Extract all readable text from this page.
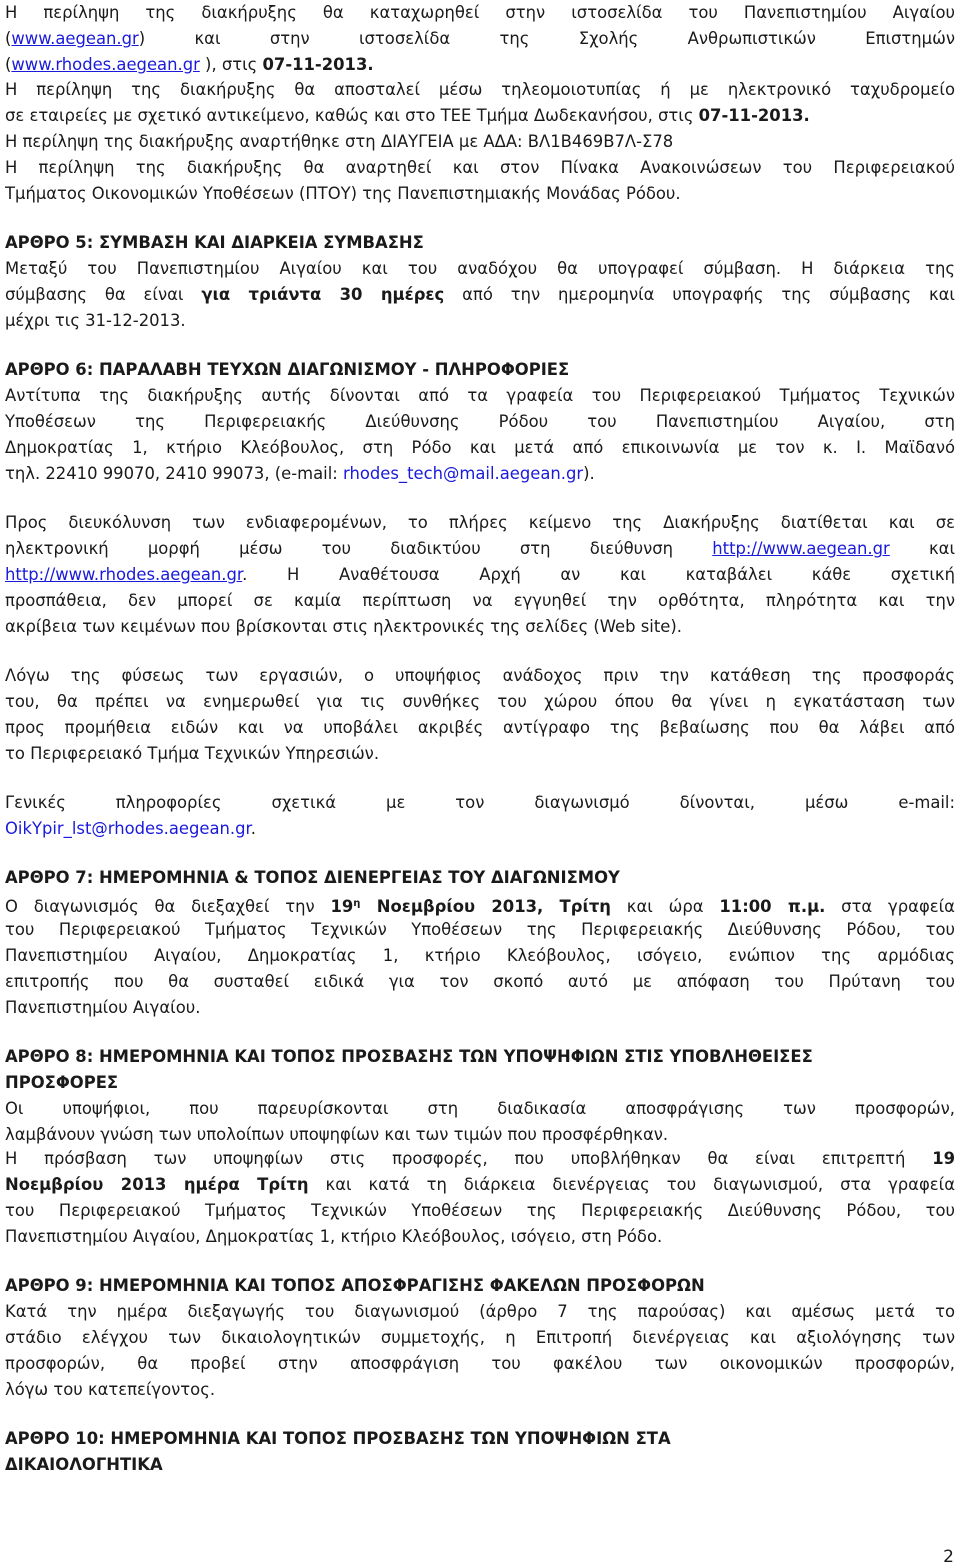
Η περίληψη της διακήρυξης θα καταχωρηθεί στην ιστοσελίδα του Πανεπιστημίου Αιγαίου
(www.aegean.gr) και στην ιστοσελίδα της Σχολής Ανθρωπιστικών Επιστημών
(www.rhodes.aegean.gr ), στις 07-11-2013.
Η περίληψη της διακήρυξης θα αποσταλεί μέσω τηλεομοιοτυπίας ή με ηλεκτρονικό ταχυδρομείο
σε εταιρείες με σχετικό αντικείμενο, καθώς και στο ΤΕΕ Τμήμα Δωδεκανήσου, στις 07-11-2013.
Η περίληψη της διακήρυξης αναρτήθηκε στη ΔΙΑΥΓΕΙΑ με ΑΔΑ: ΒΛ1Β469Β7Λ-Σ78
Η περίληψη της διακήρυξης θα αναρτηθεί και στον Πίνακα Ανακοινώσεων του Περιφερειακού
Τμήματος Οικονομικών Υποθέσεων (ΠΤΟΥ) της Πανεπιστημιακής Μονάδας Ρόδου.
ΑΡΘΡΟ 5: ΣΥΜΒΑΣΗ ΚΑΙ ΔΙΑΡΚΕΙΑ ΣΥΜΒΑΣΗΣ
Μεταξύ του Πανεπιστημίου Αιγαίου και του αναδόχου θα υπογραφεί σύμβαση. Η διάρκεια της
σύμβασης θα είναι για τριάντα 30 ημέρες από την ημερομηνία υπογραφής της σύμβασης και
μέχρι τις 31-12-2013.
ΑΡΘΡΟ 6: ΠΑΡΑΛΑΒΗ ΤΕΥΧΩΝ ΔΙΑΓΩΝΙΣΜΟΥ - ΠΛΗΡΟΦΟΡΙΕΣ
Αντίτυπα της διακήρυξης αυτής δίνονται από τα γραφεία του Περιφερειακού Τμήματος Τεχνικών
Υποθέσεων της Περιφερειακής Διεύθυνσης Ρόδου του Πανεπιστημίου Αιγαίου, στη
Δημοκρατίας 1, κτήριο Κλεόβουλος, στη Ρόδο και μετά από επικοινωνία με τον κ. Ι. Μαϊδανό
τηλ. 22410 99070, 2410 99073, (e-mail: rhodes_tech@mail.aegean.gr).
Προς διευκόλυνση των ενδιαφερομένων, το πλήρες κείμενο της Διακήρυξης διατίθεται και σε
ηλεκτρονική μορφή μέσω του διαδικτύου στη διεύθυνση http://www.aegean.gr και
http://www.rhodes.aegean.gr. Η Αναθέτουσα Αρχή αν και καταβάλει κάθε σχετική
προσπάθεια, δεν μπορεί σε καμία περίπτωση να εγγυηθεί την ορθότητα, πληρότητα και την
ακρίβεια των κειμένων που βρίσκονται στις ηλεκτρονικές της σελίδες (Web site).
Λόγω της φύσεως των εργασιών, ο υποψήφιος ανάδοχος πριν την κατάθεση της προσφοράς
του, θα πρέπει να ενημερωθεί για τις συνθήκες του χώρου όπου θα γίνει η εγκατάσταση των
προς προμήθεια ειδών και να υποβάλει ακριβές αντίγραφο της βεβαίωσης που θα λάβει από
το Περιφερειακό Τμήμα Τεχνικών Υπηρεσιών.
Γενικές πληροφορίες σχετικά με τον διαγωνισμό δίνονται, μέσω e-mail:
OikYpir_lst@rhodes.aegean.gr.
ΑΡΘΡΟ 7: ΗΜΕΡΟΜΗΝΙΑ & ΤΟΠΟΣ ΔΙΕΝΕΡΓΕΙΑΣ ΤΟΥ ΔΙΑΓΩΝΙΣΜΟΥ
Ο διαγωνισμός θα διεξαχθεί την $19^\eta$ Νοεμβρίου 2013, Τρίτη και ώρα 11:00 π.μ. στα γραφεία
του Περιφερειακού Τμήματος Τεχνικών Υποθέσεων της Περιφερειακής Διεύθυνσης Ρόδου, του
Πανεπιστημίου Αιγαίου, Δημοκρατίας 1, κτήριο Κλεόβουλος, ισόγειο, ενώπιον της αρμόδιας
επιτροπής που θα συσταθεί ειδικά για τον σκοπό αυτό με απόφαση του Πρύτανη του
Πανεπιστημίου Αιγαίου.
ΑΡΘΡΟ 8: ΗΜΕΡΟΜΗΝΙΑ ΚΑΙ ΤΟΠΟΣ ΠΡΟΣΒΑΣΗΣ ΤΩΝ ΥΠΟΨΗΦΙΩΝ ΣΤΙΣ ΥΠΟΒΛΗΘΕΙΣΕΣ
ΠΡΟΣΦΟΡΕΣ
Οι υποψήφιοι, που παρευρίσκονται στη διαδικασία αποσφράγισης των προσφορών,
λαμβάνουν γνώση των υπολοίπων υποψηφίων και των τιμών που προσφέρθηκαν.
Η πρόσβαση των υποψηφίων στις προσφορές, που υποβλήθηκαν θα είναι επιτρεπτή 19
Νοεμβρίου 2013 ημέρα Τρίτη και κατά τη διάρκεια διενέργειας του διαγωνισμού, στα γραφεία
του Περιφερειακού Τμήματος Τεχνικών Υποθέσεων της Περιφερειακής Διεύθυνσης Ρόδου, του
Πανεπιστημίου Αιγαίου, Δημοκρατίας 1, κτήριο Κλεόβουλος, ισόγειο, στη Ρόδο.
ΑΡΘΡΟ 9: ΗΜΕΡΟΜΗΝΙΑ ΚΑΙ ΤΟΠΟΣ ΑΠΟΣΦΡΑΓΙΣΗΣ ΦΑΚΕΛΩΝ ΠΡΟΣΦΟΡΩΝ
Κατά την ημέρα διεξαγωγής του διαγωνισμού (άρθρο 7 της παρούσας) και αμέσως μετά το
στάδιο ελέγχου των δικαιολογητικών συμμετοχής, η Επιτροπή διενέργειας και αξιολόγησης των
προσφορών, θα προβεί στην αποσφράγιση του φακέλου των οικονομικών προσφορών,
λόγω του κατεπείγοντος.
ΑΡΘΡΟ 10: ΗΜΕΡΟΜΗΝΙΑ ΚΑΙ ΤΟΠΟΣ ΠΡΟΣΒΑΣΗΣ ΤΩΝ ΥΠΟΨΗΦΙΩΝ ΣΤΑ
ΔΙΚΑΙΟΛΟΓΗΤΙΚΑ
2
